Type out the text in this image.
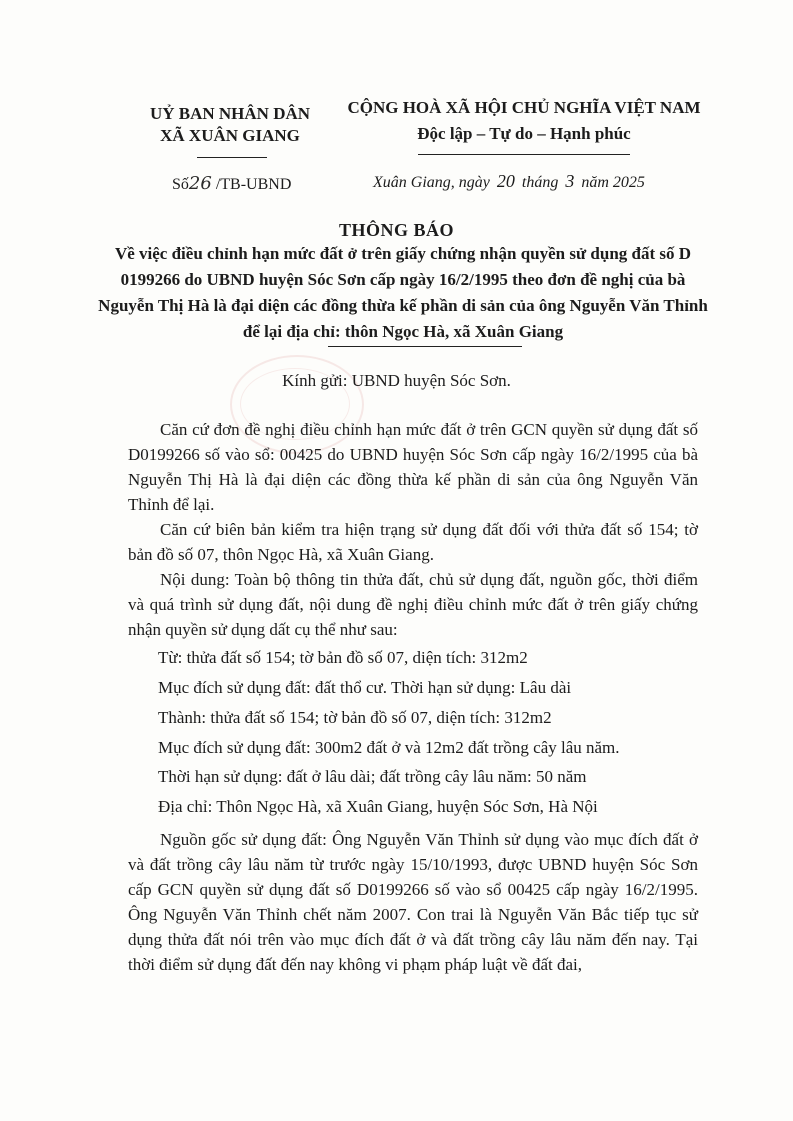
UỶ BAN NHÂN DÂN
XÃ XUÂN GIANG
CỘNG HOÀ XÃ HỘI CHỦ NGHĨA VIỆT NAM
Độc lập – Tự do – Hạnh phúc
Số26 /TB-UBND	Xuân Giang, ngày 20 tháng 3 năm 2025
THÔNG BÁO
Về việc điều chỉnh hạn mức đất ở trên giấy chứng nhận quyền sử dụng đất số D 0199266 do UBND huyện Sóc Sơn cấp ngày 16/2/1995 theo đơn đề nghị của bà Nguyễn Thị Hà là đại diện các đồng thừa kế phần di sản của ông Nguyễn Văn Thỉnh để lại địa chỉ: thôn Ngọc Hà, xã Xuân Giang
Kính gửi: UBND huyện Sóc Sơn.
Căn cứ đơn đề nghị điều chỉnh hạn mức đất ở trên GCN quyền sử dụng đất số D0199266 số vào sổ: 00425 do UBND huyện Sóc Sơn cấp ngày 16/2/1995 của bà Nguyễn Thị Hà là đại diện các đồng thừa kế phần di sản của ông Nguyễn Văn Thỉnh để lại.
Căn cứ biên bản kiểm tra hiện trạng sử dụng đất đối với thửa đất số 154; tờ bản đồ số 07, thôn Ngọc Hà, xã Xuân Giang.
Nội dung: Toàn bộ thông tin thửa đất, chủ sử dụng đất, nguồn gốc, thời điểm và quá trình sử dụng đất, nội dung đề nghị điều chỉnh mức đất ở trên giấy chứng nhận quyền sử dụng dất cụ thể như sau:
Từ: thửa đất số 154; tờ bản đồ số 07, diện tích: 312m2
Mục đích sử dụng đất: đất thổ cư. Thời hạn sử dụng: Lâu dài
Thành: thửa đất số 154; tờ bản đồ số 07, diện tích: 312m2
Mục đích sử dụng đất: 300m2 đất ở và 12m2 đất trồng cây lâu năm.
Thời hạn sử dụng: đất ở lâu dài; đất trồng cây lâu năm: 50 năm
Địa chỉ: Thôn Ngọc Hà, xã Xuân Giang, huyện Sóc Sơn, Hà Nội
Nguồn gốc sử dụng đất: Ông Nguyễn Văn Thỉnh sử dụng vào mục đích đất ở và đất trồng cây lâu năm từ trước ngày 15/10/1993, được UBND huyện Sóc Sơn cấp GCN quyền sử dụng đất số D0199266 số vào sổ 00425 cấp ngày 16/2/1995. Ông Nguyễn Văn Thỉnh chết năm 2007. Con trai là Nguyễn Văn Bắc tiếp tục sử dụng thửa đất nói trên vào mục đích đất ở và đất trồng cây lâu năm đến nay. Tại thời điểm sử dụng đất đến nay không vi phạm pháp luật về đất đai,
